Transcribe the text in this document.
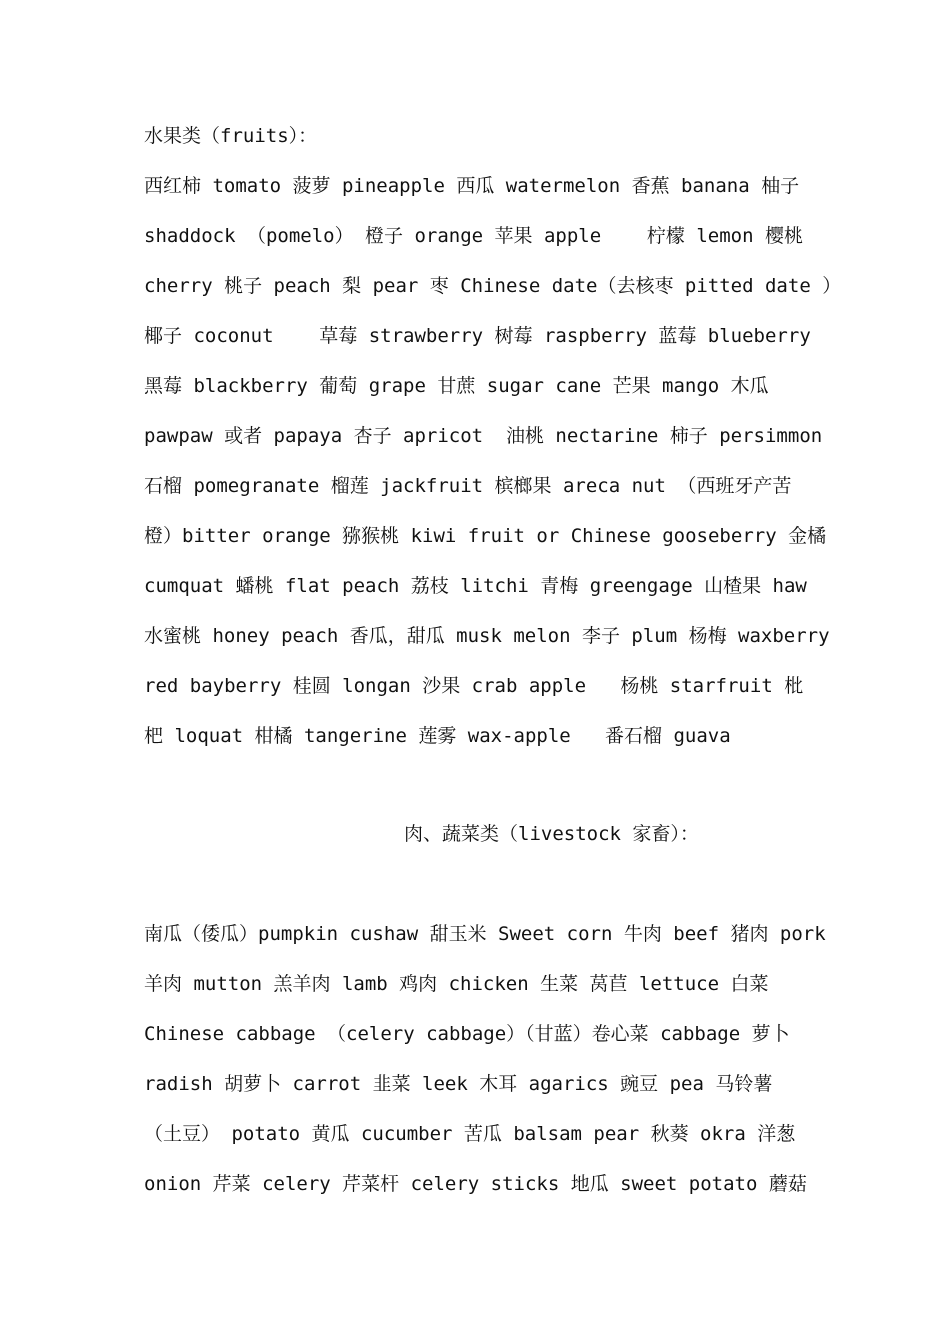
水果类（fruits）：
西红柿 tomato 菠萝 pineapple 西瓜 watermelon 香蕉 banana 柚子
shaddock （pomelo） 橙子 orange 苹果 apple    柠檬 lemon 樱桃
cherry 桃子 peach 梨 pear 枣 Chinese date（去核枣 pitted date ）
椰子 coconut    草莓 strawberry 树莓 raspberry 蓝莓 blueberry
黑莓 blackberry 葡萄 grape 甘蔗 sugar cane 芒果 mango 木瓜
pawpaw 或者 papaya 杏子 apricot  油桃 nectarine 柿子 persimmon
石榴 pomegranate 榴莲 jackfruit 槟榔果 areca nut （西班牙产苦
橙）bitter orange 猕猴桃 kiwi fruit or Chinese gooseberry 金橘
cumquat 蟠桃 flat peach 荔枝 litchi 青梅 greengage 山楂果 haw
水蜜桃 honey peach 香瓜，甜瓜 musk melon 李子 plum 杨梅 waxberry
red bayberry 桂圆 longan 沙果 crab apple   杨桃 starfruit 枇
杷 loquat 柑橘 tangerine 莲雾 wax-apple   番石榴 guava
肉、蔬菜类（livestock 家畜）：
南瓜（倭瓜）pumpkin cushaw 甜玉米 Sweet corn 牛肉 beef 猪肉 pork
羊肉 mutton 羔羊肉 lamb 鸡肉 chicken 生菜 莴苣 lettuce 白菜
Chinese cabbage （celery cabbage）（甘蓝）卷心菜 cabbage 萝卜
radish 胡萝卜 carrot 韭菜 leek 木耳 agarics 豌豆 pea 马铃薯
（土豆） potato 黄瓜 cucumber 苦瓜 balsam pear 秋葵 okra 洋葱
onion 芹菜 celery 芹菜杆 celery sticks 地瓜 sweet potato 蘑菇
